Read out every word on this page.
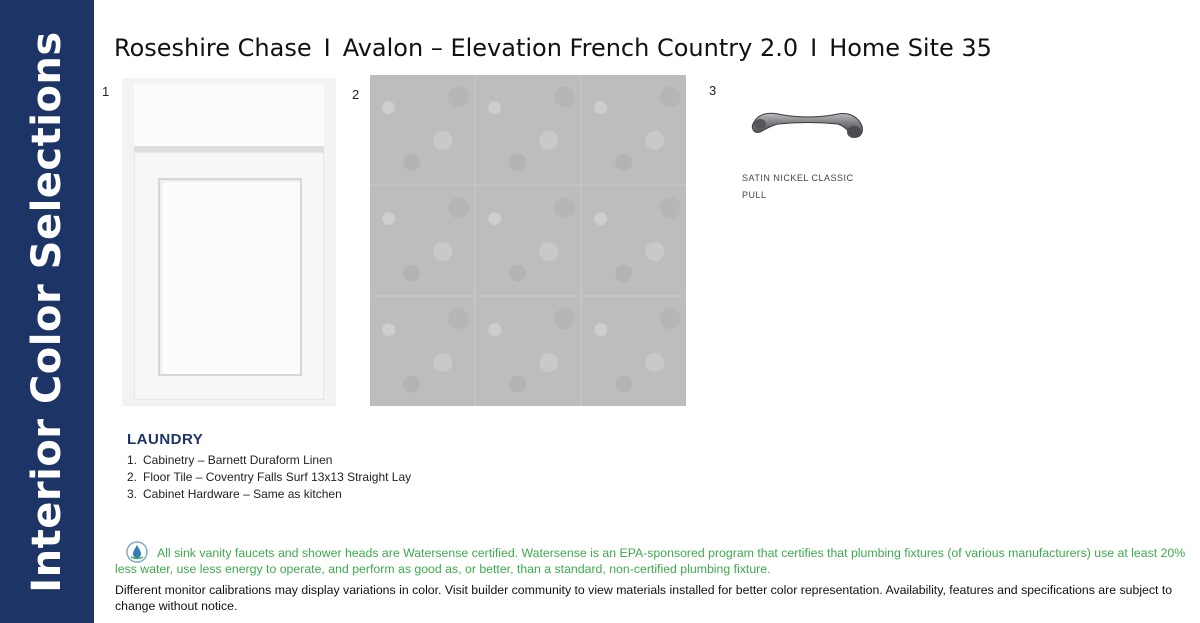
Interior Color Selections Roseshire Chase I Avalon – Elevation French Country 2.0 I Home Site 35
1	2	3
SATIN NICKEL CLASSIC
PULL
LAUNDRY
1. Cabinetry – Barnett Duraform Linen
2. Floor Tile – Coventry Falls Surf 13x13 Straight Lay
3. Cabinet Hardware – Same as kitchen

All sink vanity faucets and shower heads are Watersense certified. Watersense is an EPA-sponsored program that certifies that plumbing fixtures (of various manufacturers) use at least 20% less water, use less energy to operate, and perform as good as, or better, than a standard, non-certified plumbing fixture.

Different monitor calibrations may display variations in color. Visit builder community to view materials installed for better color representation. Availability, features and specifications are subject to change without notice.
